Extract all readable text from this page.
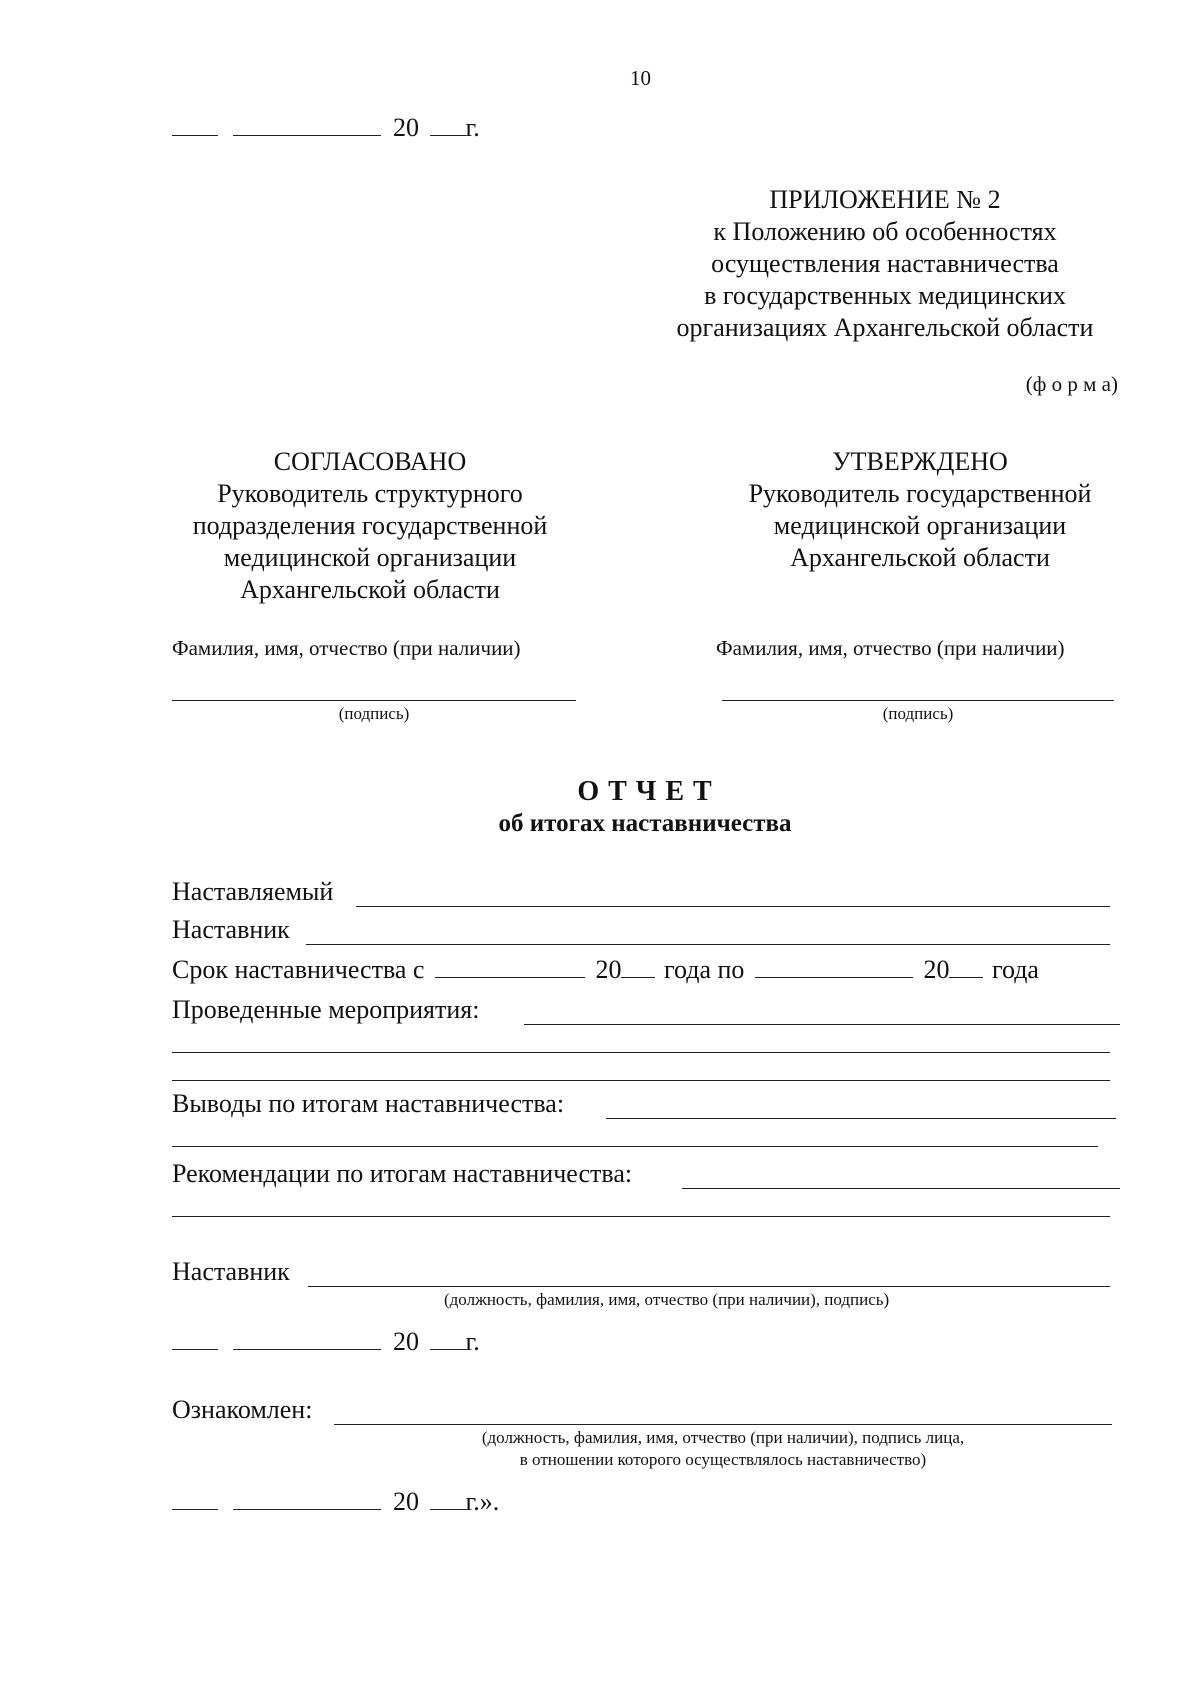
10
20 г.
ПРИЛОЖЕНИЕ № 2
к Положению об особенностях
осуществления наставничества
в государственных медицинских
организациях Архангельской области
(ф о р м а)
СОГЛАСОВАНО
Руководитель структурного
подразделения государственной
медицинской организации
Архангельской области
Фамилия, имя, отчество (при наличии)
(подпись)
УТВЕРЖДЕНО
Руководитель государственной
медицинской организации
Архангельской области
Фамилия, имя, отчество (при наличии)
(подпись)
О Т Ч Е Т
об итогах наставничества
Наставляемый
Наставник
Срок наставничества с	20 года по	20 года
Проведенные мероприятия:
Выводы по итогам наставничества:
Рекомендации по итогам наставничества:
Наставник
(должность, фамилия, имя, отчество (при наличии), подпись)
20 г.
Ознакомлен:
(должность, фамилия, имя, отчество (при наличии), подпись лица,
в отношении которого осуществлялось наставничество)
20 г.».
